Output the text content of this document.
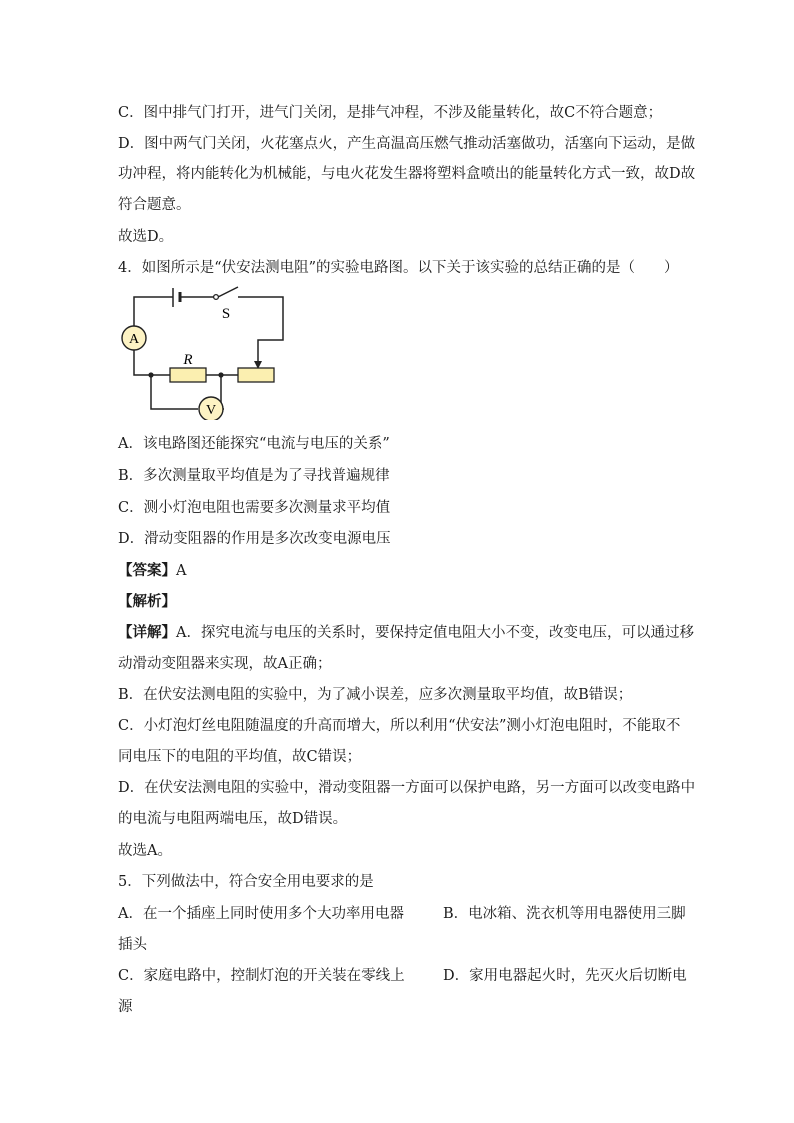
C．图中排气门打开，进气门关闭，是排气冲程，不涉及能量转化，故C不符合题意；
D．图中两气门关闭，火花塞点火，产生高温高压燃气推动活塞做功，活塞向下运动，是做
功冲程，将内能转化为机械能，与电火花发生器将塑料盒喷出的能量转化方式一致，故D故
符合题意。
故选D。
4．如图所示是“伏安法测电阻”的实验电路图。以下关于该实验的总结正确的是（　　）
A
V
S
R
A．该电路图还能探究“电流与电压的关系”
B．多次测量取平均值是为了寻找普遍规律
C．测小灯泡电阻也需要多次测量求平均值
D．滑动变阻器的作用是多次改变电源电压
【答案】A
【解析】
【详解】A．探究电流与电压的关系时，要保持定值电阻大小不变，改变电压，可以通过移
动滑动变阻器来实现，故A正确；
B．在伏安法测电阻的实验中，为了减小误差，应多次测量取平均值，故B错误；
C．小灯泡灯丝电阻随温度的升高而增大，所以利用“伏安法”测小灯泡电阻时，不能取不
同电压下的电阻的平均值，故C错误；
D．在伏安法测电阻的实验中，滑动变阻器一方面可以保护电路，另一方面可以改变电路中
的电流与电阻两端电压，故D错误。
故选A。
5．下列做法中，符合安全用电要求的是
A．在一个插座上同时使用多个大功率用电器	B．电冰箱、洗衣机等用电器使用三脚
插头
C．家庭电路中，控制灯泡的开关装在零线上	D．家用电器起火时，先灭火后切断电
源
